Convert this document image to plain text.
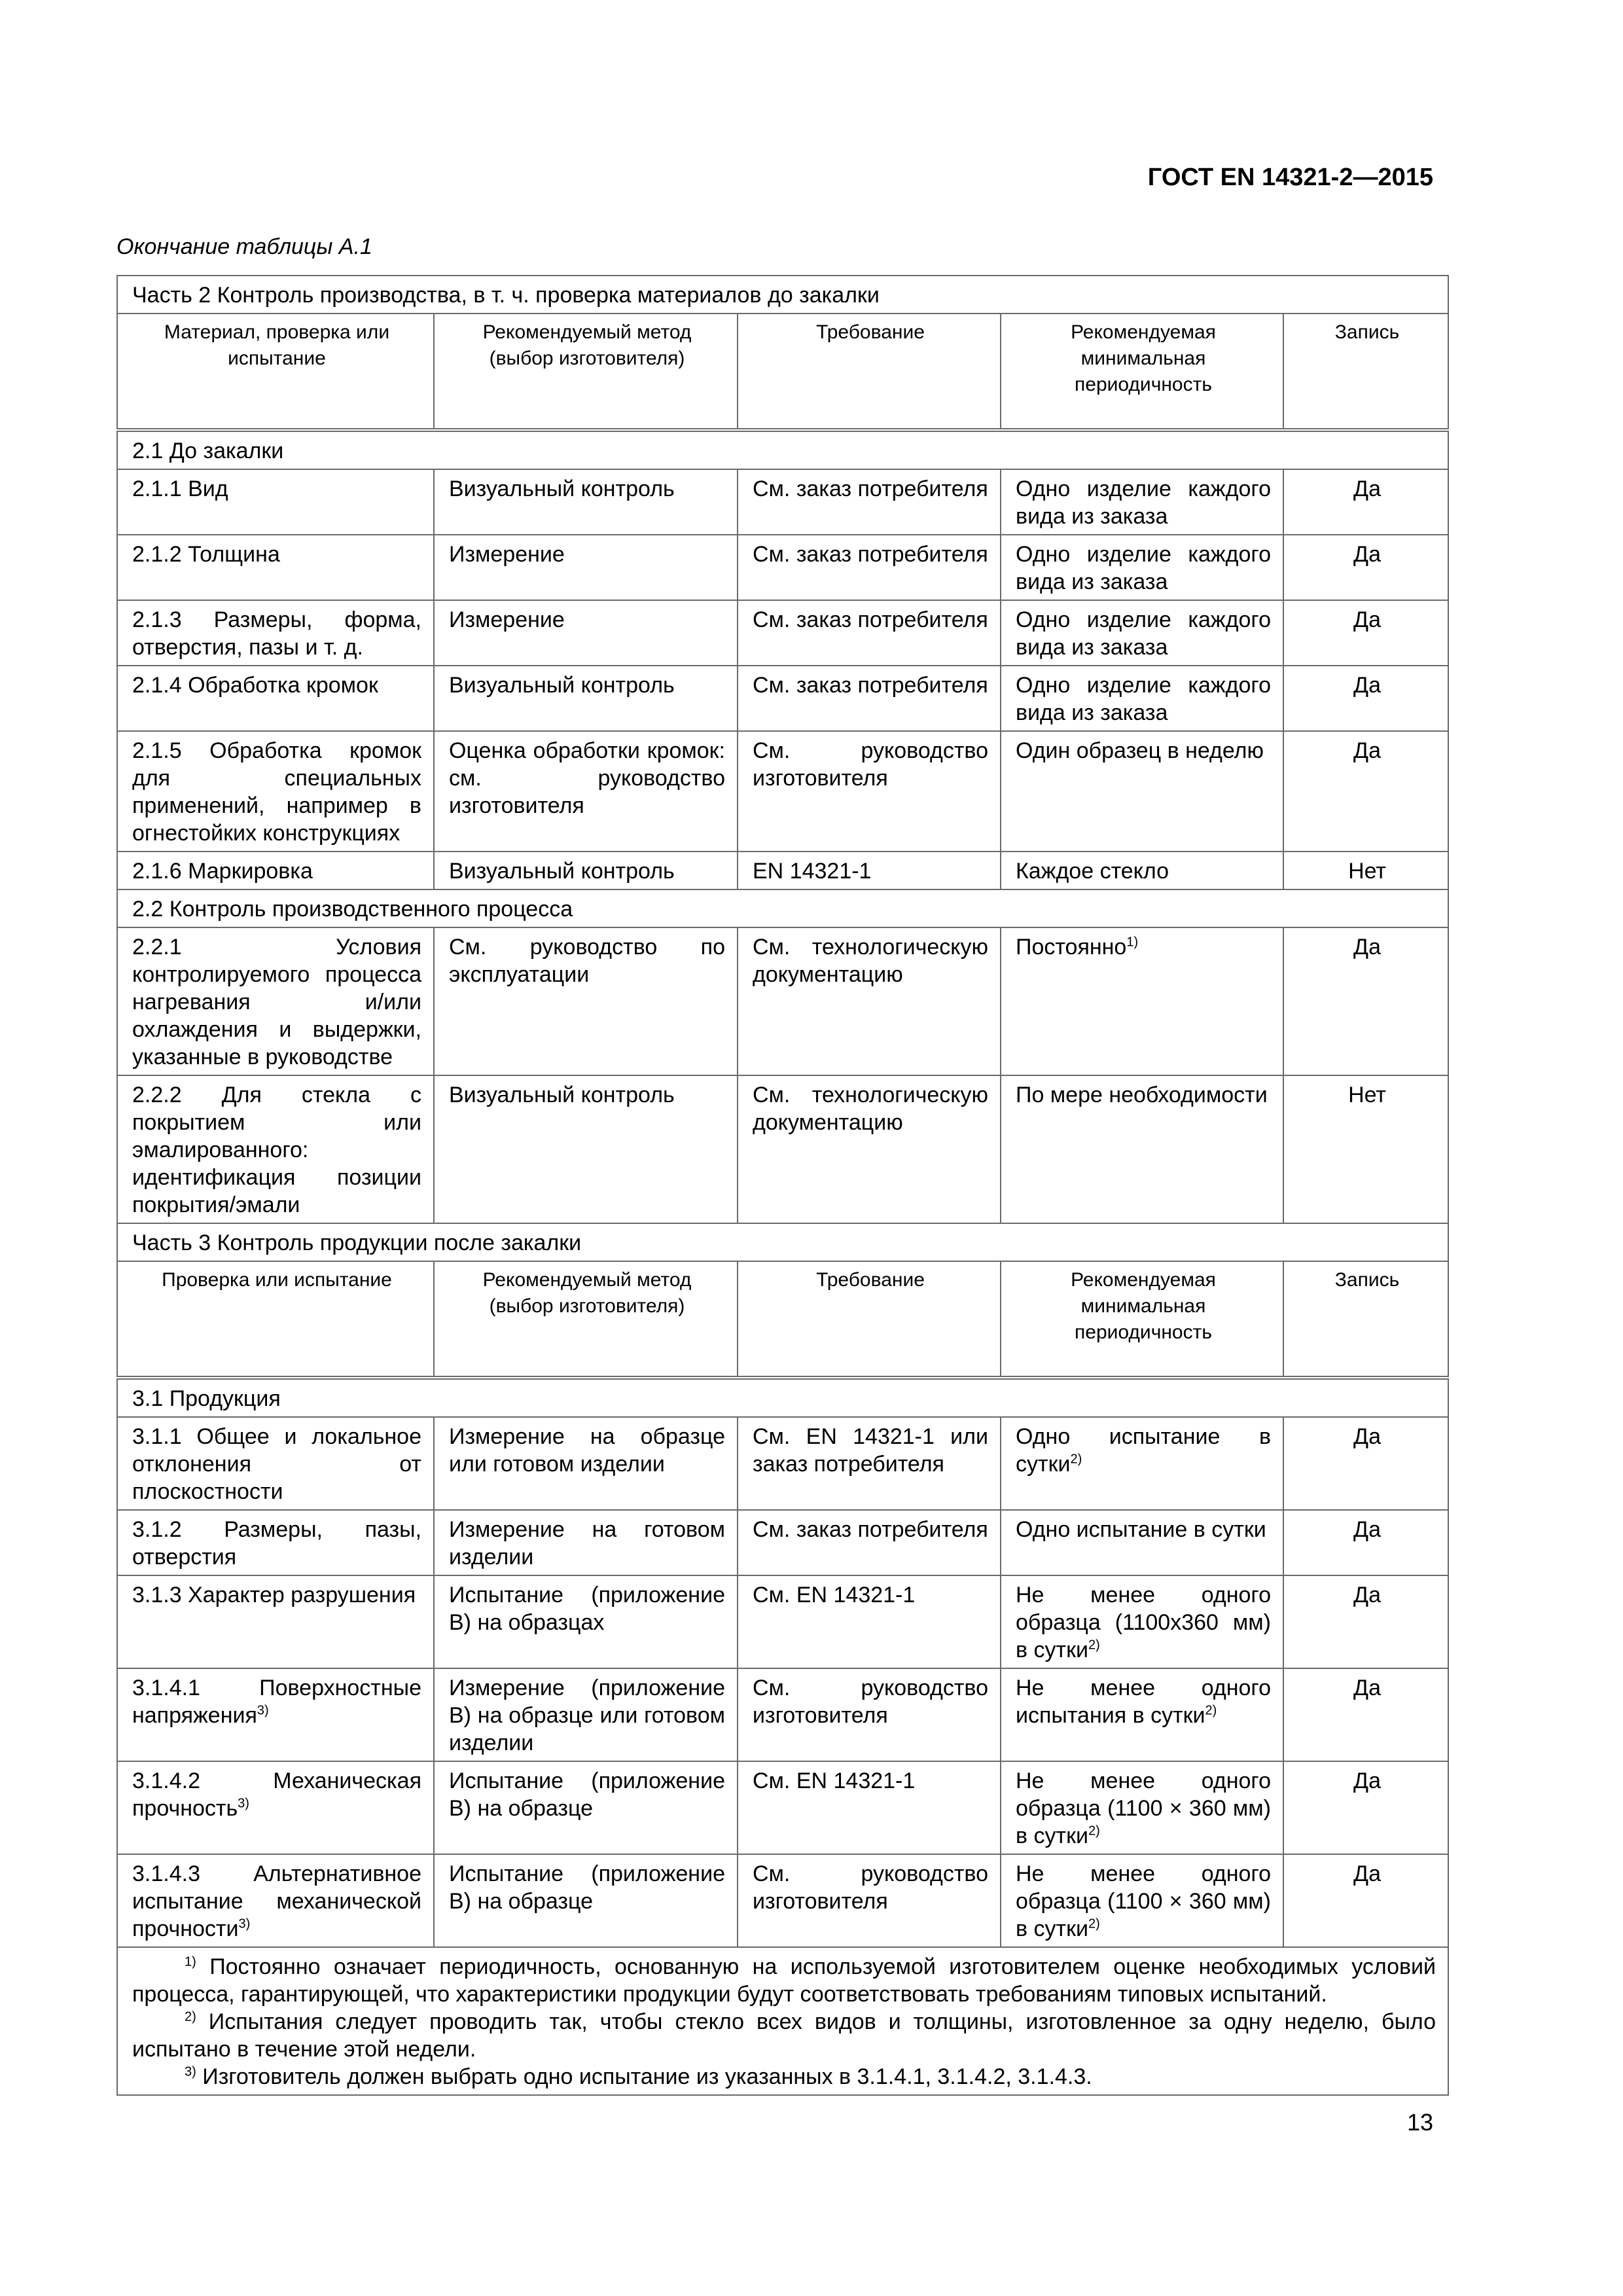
ГОСТ EN 14321-2—2015
Окончание таблицы А.1
Часть 2 Контроль производства, в т. ч. проверка материалов до закалки				
Материал, проверка или испытание	Рекомендуемый метод (выбор изготовителя)	Требование	Рекомендуемая минимальная периодичность	Запись
2.1 До закалки				
2.1.1 Вид	Визуальный контроль	См. заказ потребителя	Одно изделие каждого вида из заказа	Да
2.1.2 Толщина	Измерение	См. заказ потребителя	Одно изделие каждого вида из заказа	Да
2.1.3 Размеры, форма, отверстия, пазы и т. д.	Измерение	См. заказ потребителя	Одно изделие каждого вида из заказа	Да
2.1.4 Обработка кромок	Визуальный контроль	См. заказ потребителя	Одно изделие каждого вида из заказа	Да
2.1.5 Обработка кромок для специальных применений, например в огнестойких конструкциях	Оценка обработки кромок: см. руководство изготовителя	См. руководство изготовителя	Один образец в неделю	Да
2.1.6 Маркировка	Визуальный контроль	EN 14321-1	Каждое стекло	Нет
2.2 Контроль производственного процесса				
2.2.1 Условия контролируемого процесса нагревания и/или охлаждения и выдержки, указанные в руководстве	См. руководство по эксплуатации	См. технологическую документацию	Постоянно$^{1)}$	Да
2.2.2 Для стекла с покрытием или эмалированного: идентификация позиции покрытия/эмали	Визуальный контроль	См. технологическую документацию	По мере необходимости	Нет
Часть 3 Контроль продукции после закалки				
Проверка или испытание	Рекомендуемый метод (выбор изготовителя)	Требование	Рекомендуемая минимальная периодичность	Запись
3.1 Продукция				
3.1.1 Общее и локальное отклонения от плоскостности	Измерение на образце или готовом изделии	См. EN 14321-1 или заказ потребителя	Одно испытание в сутки$^{2)}$	Да
3.1.2 Размеры, пазы, отверстия	Измерение на готовом изделии	См. заказ потребителя	Одно испытание в сутки	Да
3.1.3 Характер разрушения	Испытание (приложение В) на образцах	См. EN 14321-1	Не менее одного образца (1100x360 мм) в сутки$^{2)}$	Да
3.1.4.1 Поверхностные напряжения$^{3)}$	Измерение (приложение В) на образце или готовом изделии	См. руководство изготовителя	Не менее одного испытания в сутки$^{2)}$	Да
3.1.4.2 Механическая прочность$^{3)}$	Испытание (приложение В) на образце	См. EN 14321-1	Не менее одного образца (1100 × 360 мм) в сутки$^{2)}$	Да
3.1.4.3 Альтернативное испытание механической прочности$^{3)}$	Испытание (приложение В) на образце	См. руководство изготовителя	Не менее одного образца (1100 × 360 мм) в сутки$^{2)}$	Да

$^{1)}$ Постоянно означает периодичность, основанную на используемой изготовителем оценке необходимых условий процесса, гарантирующей, что характеристики продукции будут соответствовать требованиям типовых испытаний.

$^{2)}$ Испытания следует проводить так, чтобы стекло всех видов и толщины, изготовленное за одну неделю, было испытано в течение этой недели.

$^{3)}$ Изготовитель должен выбрать одно испытание из указанных в 3.1.4.1, 3.1.4.2, 3.1.4.3.				

13
